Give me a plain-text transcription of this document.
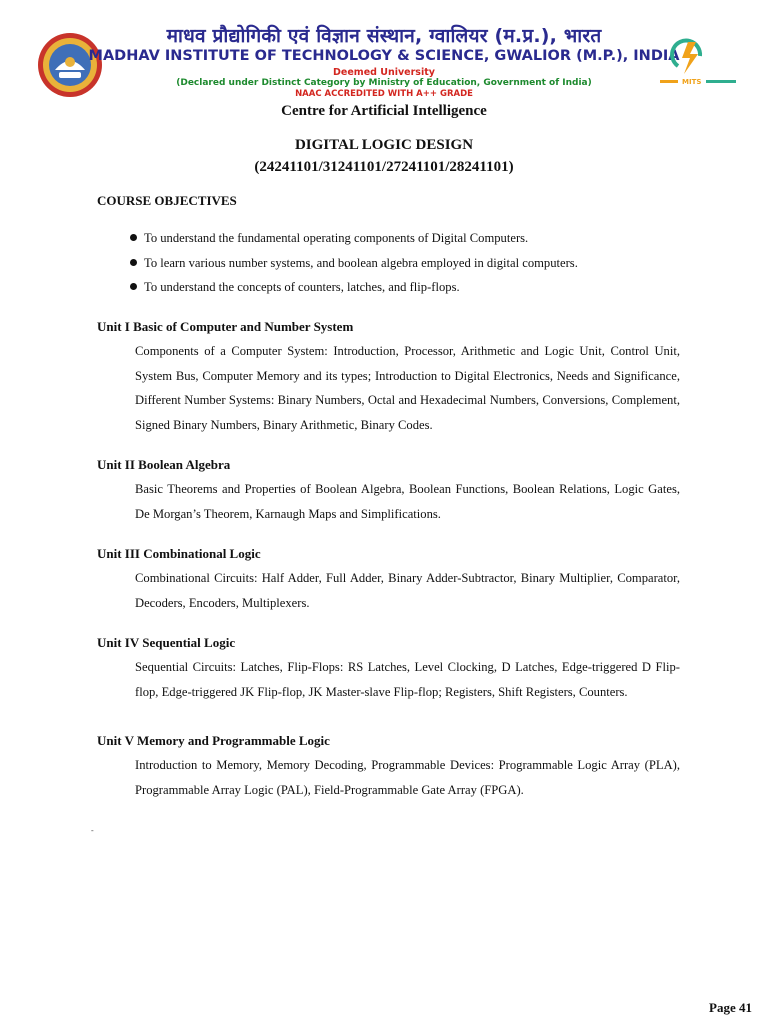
माधव प्रौद्योगिकी एवं विज्ञान संस्थान, ग्वालियर (म.प्र.), भारत
MADHAV INSTITUTE OF TECHNOLOGY & SCIENCE, GWALIOR (M.P.), INDIA
Deemed University
(Declared under Distinct Category by Ministry of Education, Government of India)
NAAC ACCREDITED WITH A++ GRADE
MITS
Centre for Artificial Intelligence
DIGITAL LOGIC DESIGN
(24241101/31241101/27241101/28241101)
COURSE OBJECTIVES
To understand the fundamental operating components of Digital Computers.
To learn various number systems, and boolean algebra employed in digital computers.
To understand the concepts of counters, latches, and flip-flops.
Unit I Basic of Computer and Number System
Components of a Computer System: Introduction, Processor, Arithmetic and Logic Unit, Control Unit, System Bus, Computer Memory and its types; Introduction to Digital Electronics, Needs and Significance, Different Number Systems: Binary Numbers, Octal and Hexadecimal Numbers, Conversions, Complement, Signed Binary Numbers, Binary Arithmetic, Binary Codes.
Unit II Boolean Algebra
Basic Theorems and Properties of Boolean Algebra, Boolean Functions, Boolean Relations, Logic Gates, De Morgan’s Theorem, Karnaugh Maps and Simplifications.
Unit III Combinational Logic
Combinational Circuits: Half Adder, Full Adder, Binary Adder-Subtractor, Binary Multiplier, Comparator, Decoders, Encoders, Multiplexers.
Unit IV Sequential Logic
Sequential Circuits: Latches, Flip-Flops: RS Latches, Level Clocking, D Latches, Edge-triggered D Flip-flop, Edge-triggered JK Flip-flop, JK Master-slave Flip-flop; Registers, Shift Registers, Counters.
Unit V Memory and Programmable Logic
Introduction to Memory, Memory Decoding, Programmable Devices: Programmable Logic Array (PLA), Programmable Array Logic (PAL), Field-Programmable Gate Array (FPGA).
-
Page 41
